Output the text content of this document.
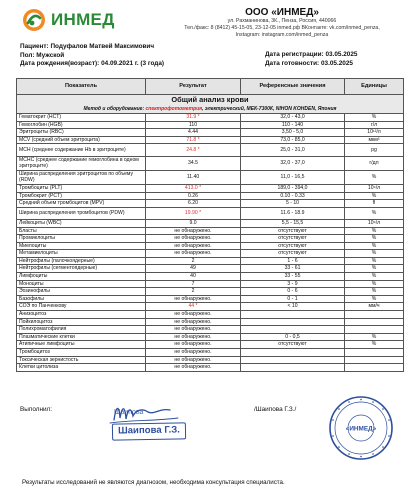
ИНМЕД	ООО «ИНМЕД»
ул. Рахманинова, 3К., Пенза, Россия, 440066
Тел./факс: 8 (8412) 45-15-05, 23-12-05 inmed.pф ВКонтакте: vk.com/inmed_penza,
Instagram: instagram.com/inmed_penza
Пациент: Подуфалов Матвей Максимович
Пол: Мужской
Дата рождения(возраст): 04.09.2021 г. (3 года)
Дата регистрации: 03.05.2025
Дата готовности: 03.05.2025
Показатель	Результат	Референсные значения	Единицы
Общий анализ крови			
Метод и оборудование: спектрофотометрия, электрический, МЕК-7300К, NIHON KOHDEN, Япония			
Гематокрит (HCT)	31.9 *	32,0 - 43,0	%
Гемоглобин (HGB)	110	110 - 140	г/л
Эритроциты (RBC)	4.44	3,50 - 5,0	10¹²/л
MCV (средний объем эритроцита)	71.8 *	73,0 - 85,0	мкм³
МСН (среднее содержание Hb в эритроците)	24.8 *	25,0 - 31,0	pg
МСНС (среднее содержание гемоглобина в одном эритроците)	34.5	32,0 - 37,0	г/дл
Ширина распределения эритроцитов по объему (RDW)	11.40	11,0 - 16,5	%
Тромбоциты (PLT)	413.0 *	189,0 - 394,0	10⁹/л
Тромбокрит (PCT)	0.26	0.10 - 0.33	%
Средний объем тромбоцитов (MPV)	6.20	5 - 10	fl
Ширина распределения тромбоцитов (PDW)	19.90 *	11.6 - 18.9	%
Лейкоциты (WBC)	9.0	5,5 - 15,5	10⁹/л
Бласты	не обнаружено.	отсутствуют	%
Промиелоциты	не обнаружено.	отсутствуют	%
Миелоциты	не обнаружено.	отсутствуют	%
Метамиелоциты	не обнаружено.	отсутствуют	%
Нейтрофилы (палочкоядерные)	2	1 - 6	%
Нейтрофилы (сегментоядерные)	49	33 - 61	%
Лимфоциты	40	33 - 55	%
Моноциты	7	3 - 9	%
Эозинофилы	2	0 - 6	%
Базофилы	не обнаружено.	0 - 1	%
СОЭ по Панченкову	44 *	< 10	мм/ч
Анизоцитоз	не обнаружено.		
Пойкилоцитоз	не обнаружено.		
Полихроматофилия	не обнаружено.		
Плазматические клетки	не обнаружено.	0 - 0,5	%
Атипичные лимфоциты	не обнаружено.	отсутствуют	%
Тромбоцитоз	не обнаружено.		
Токсическая зернистость	не обнаружено.		
Клетки цитолиза	не обнаружено.		
Выполнил:	/Шаипова Г.З./
Шаипова
Шаипова Г.З.	«ИНМЕД»
Результаты исследований не являются диагнозом, необходима консультация специалиста.
